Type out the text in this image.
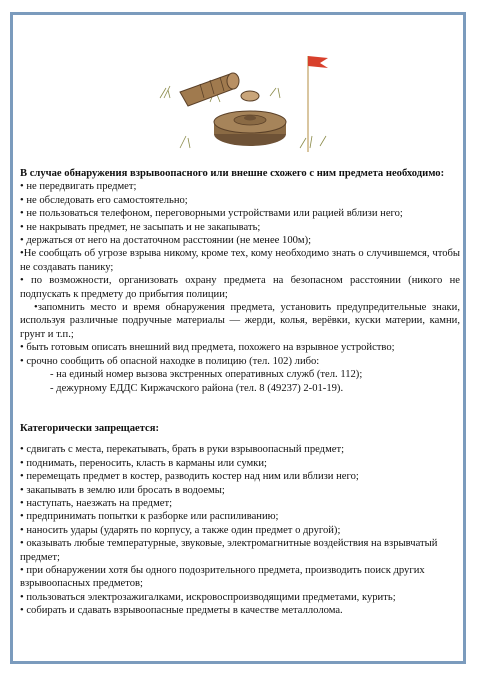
В случае обнаружения взрывоопасного или внешне схожего с ним предмета необходимо:

• не передвигать предмет;

• не обследовать его самостоятельно;

• не пользоваться телефоном, переговорными устройствами или рацией вблизи него;

• не накрывать предмет, не засыпать и не закапывать;

• держаться от него на достаточном расстоянии (не менее 100м);

•Не сообщать об угрозе взрыва никому, кроме тех, кому необходимо знать о случившемся, чтобы не создавать панику;

• по возможности, организовать охрану предмета на безопасном расстоянии (никого не подпускать к предмету до прибытия полиции;

•запомнить место и время обнаружения предмета, установить предупредительные знаки, используя различные подручные материалы — жерди, колья, верёвки, куски материи, камни, грунт и т.п.;

• быть готовым описать внешний вид предмета, похожего на взрывное устройство;

• срочно сообщить об опасной находке в полицию (тел. 102) либо:

- на единый номер вызова экстренных оперативных служб (тел. 112);

- дежурному ЕДДС Киржачского района (тел. 8 (49237) 2-01-19).

Категорически запрещается:

• сдвигать с места, перекатывать, брать в руки взрывоопасный предмет;

• поднимать, переносить, класть в карманы или сумки;

• перемещать предмет в костер, разводить костер над ним или вблизи него;

• закапывать в землю или бросать в водоемы;

• наступать, наезжать на предмет;

• предпринимать попытки к разборке или распиливанию;

• наносить удары (ударять по корпусу, а также один предмет о другой);

• оказывать любые температурные, звуковые, электромагнитные воздействия на взрывчатый предмет;

• при обнаружении хотя бы одного подозрительного предмета, производить поиск других взрывоопасных предметов;

• пользоваться электрозажигалками, искровоспроизводящими предметами, курить;

• собирать и сдавать взрывоопасные предметы в качестве металлолома.
